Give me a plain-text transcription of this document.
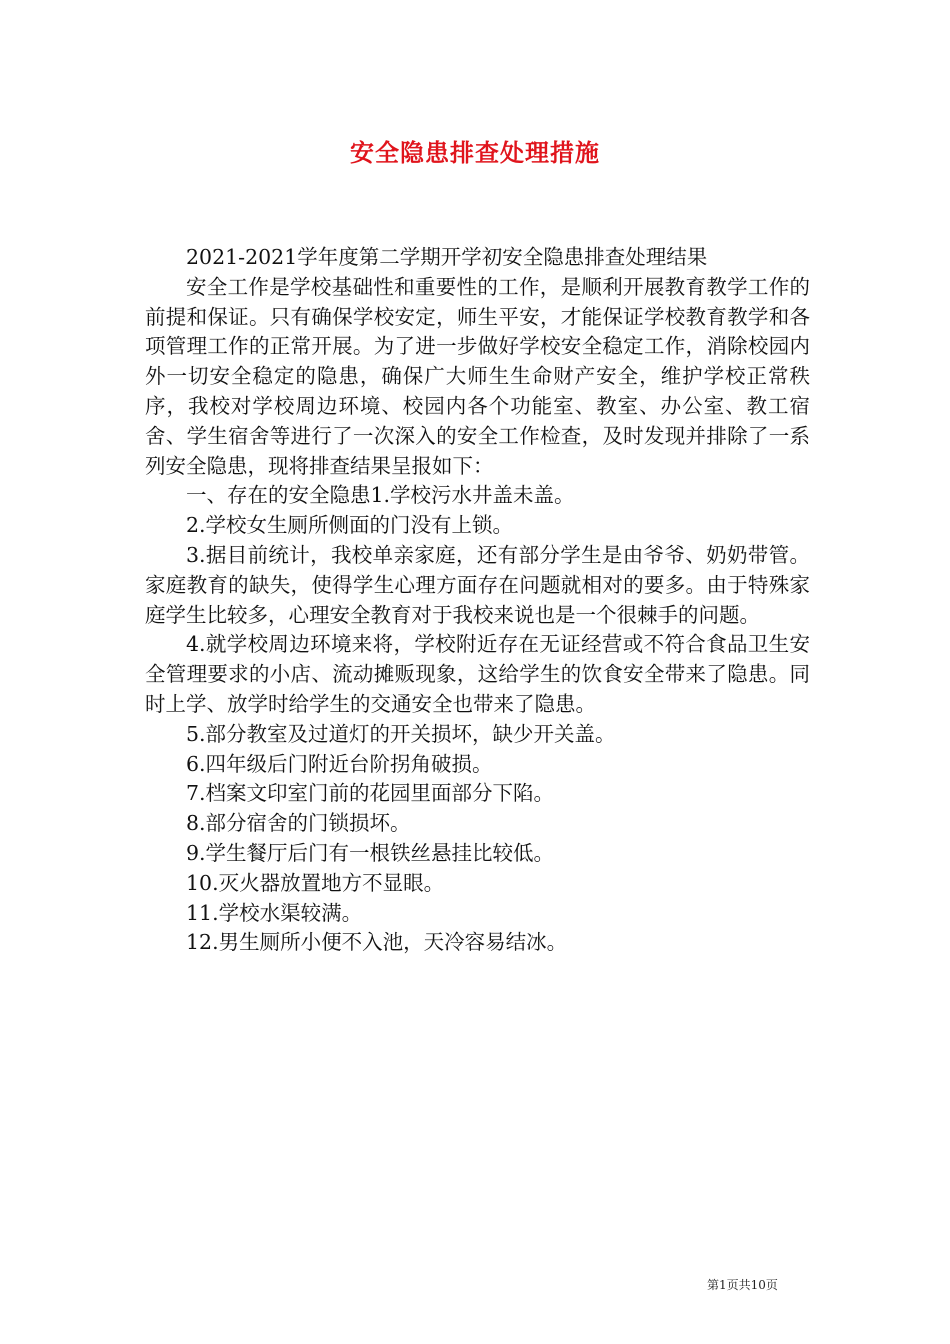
安全隐患排查处理措施

2021-2021学年度第二学期开学初安全隐患排查处理结果

安全工作是学校基础性和重要性的工作，是顺利开展教育教学工作的前提和保证。只有确保学校安定，师生平安，才能保证学校教育教学和各项管理工作的正常开展。为了进一步做好学校安全稳定工作，消除校园内外一切安全稳定的隐患，确保广大师生生命财产安全，维护学校正常秩序，我校对学校周边环境、校园内各个功能室、教室、办公室、教工宿舍、学生宿舍等进行了一次深入的安全工作检查，及时发现并排除了一系列安全隐患，现将排查结果呈报如下：

一、存在的安全隐患1.学校污水井盖未盖。

2.学校女生厕所侧面的门没有上锁。

3.据目前统计，我校单亲家庭，还有部分学生是由爷爷、奶奶带管。家庭教育的缺失，使得学生心理方面存在问题就相对的要多。由于特殊家庭学生比较多，心理安全教育对于我校来说也是一个很棘手的问题。

4.就学校周边环境来将，学校附近存在无证经营或不符合食品卫生安全管理要求的小店、流动摊贩现象，这给学生的饮食安全带来了隐患。同时上学、放学时给学生的交通安全也带来了隐患。

5.部分教室及过道灯的开关损坏，缺少开关盖。

6.四年级后门附近台阶拐角破损。

7.档案文印室门前的花园里面部分下陷。

8.部分宿舍的门锁损坏。

9.学生餐厅后门有一根铁丝悬挂比较低。

10.灭火器放置地方不显眼。

11.学校水渠较满。

12.男生厕所小便不入池，天冷容易结冰。

第1页共10页
